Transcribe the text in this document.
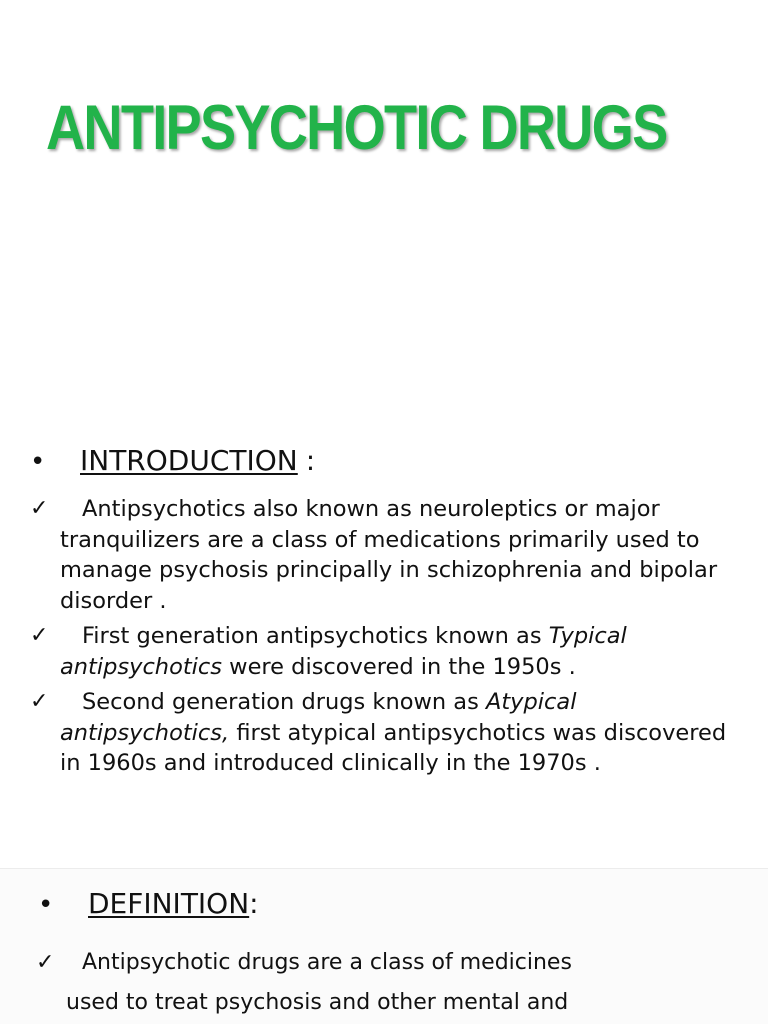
ANTIPSYCHOTIC DRUGS
•	INTRODUCTION :
✓ Antipsychotics also known as neuroleptics or major tranquilizers are a class of medications primarily used to manage psychosis principally in schizophrenia and bipolar disorder .
✓ First generation antipsychotics known as Typical antipsychotics were discovered in the 1950s .
✓ Second generation drugs known as Atypical antipsychotics, first atypical antipsychotics was discovered in 1960s and introduced clinically in the 1970s .
•	DEFINITION :
✓ Antipsychotic drugs are a class of medicines
used to treat psychosis and other mental and
